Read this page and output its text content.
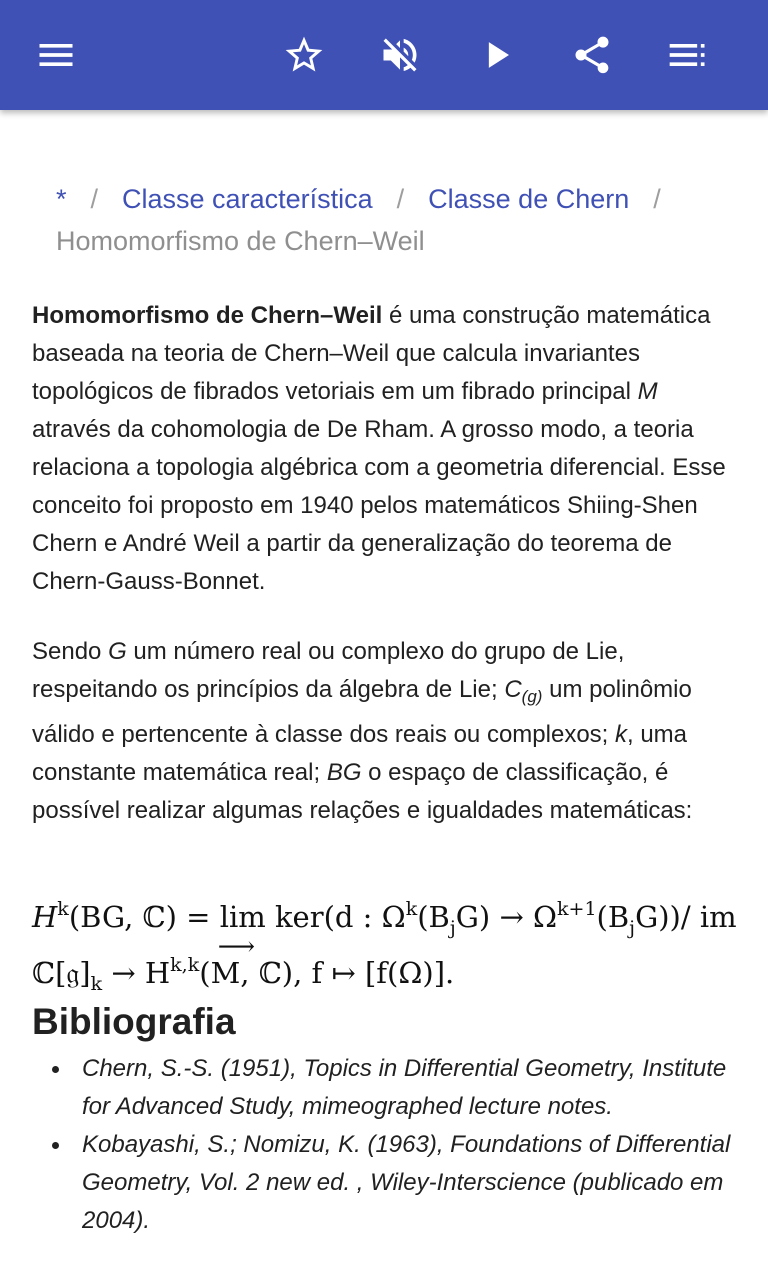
* / Classe característica / Classe de Chern /
Homomorfismo de Chern–Weil

Homomorfismo de Chern–Weil é uma construção matemática baseada na teoria de Chern–Weil que calcula invariantes topológicos de fibrados vetoriais em um fibrado principal M através da cohomologia de De Rham. A grosso modo, a teoria relaciona a topologia algébrica com a geometria diferencial. Esse conceito foi proposto em 1940 pelos matemáticos Shiing-Shen Chern e André Weil a partir da generalização do teorema de Chern-Gauss-Bonnet.

Sendo G um número real ou complexo do grupo de Lie, respeitando os princípios da álgebra de Lie; $C_{(g)}$ um polinômio válido e pertencente à classe dos reais ou complexos; k, uma constante matemática real; BG o espaço de classificação, é possível realizar algumas relações e igualdades matemáticas:

$H^k(BG$, ℂ) = lim
⟶
ker(d : $\Omega^k(B_jG) \to \Omega^{k+1}(B_jG))/$ im
$ℂ[𝔤]_k \to H^{k,k}(M$, ℂ), f ↦ [f(Ω)].
Bibliografia
Chern, S.-S. (1951), Topics in Differential Geometry, Institute for Advanced Study, mimeographed lecture notes.
Kobayashi, S.; Nomizu, K. (1963), Foundations of Differential Geometry, Vol. 2 new ed. , Wiley-Interscience (publicado em 2004).
